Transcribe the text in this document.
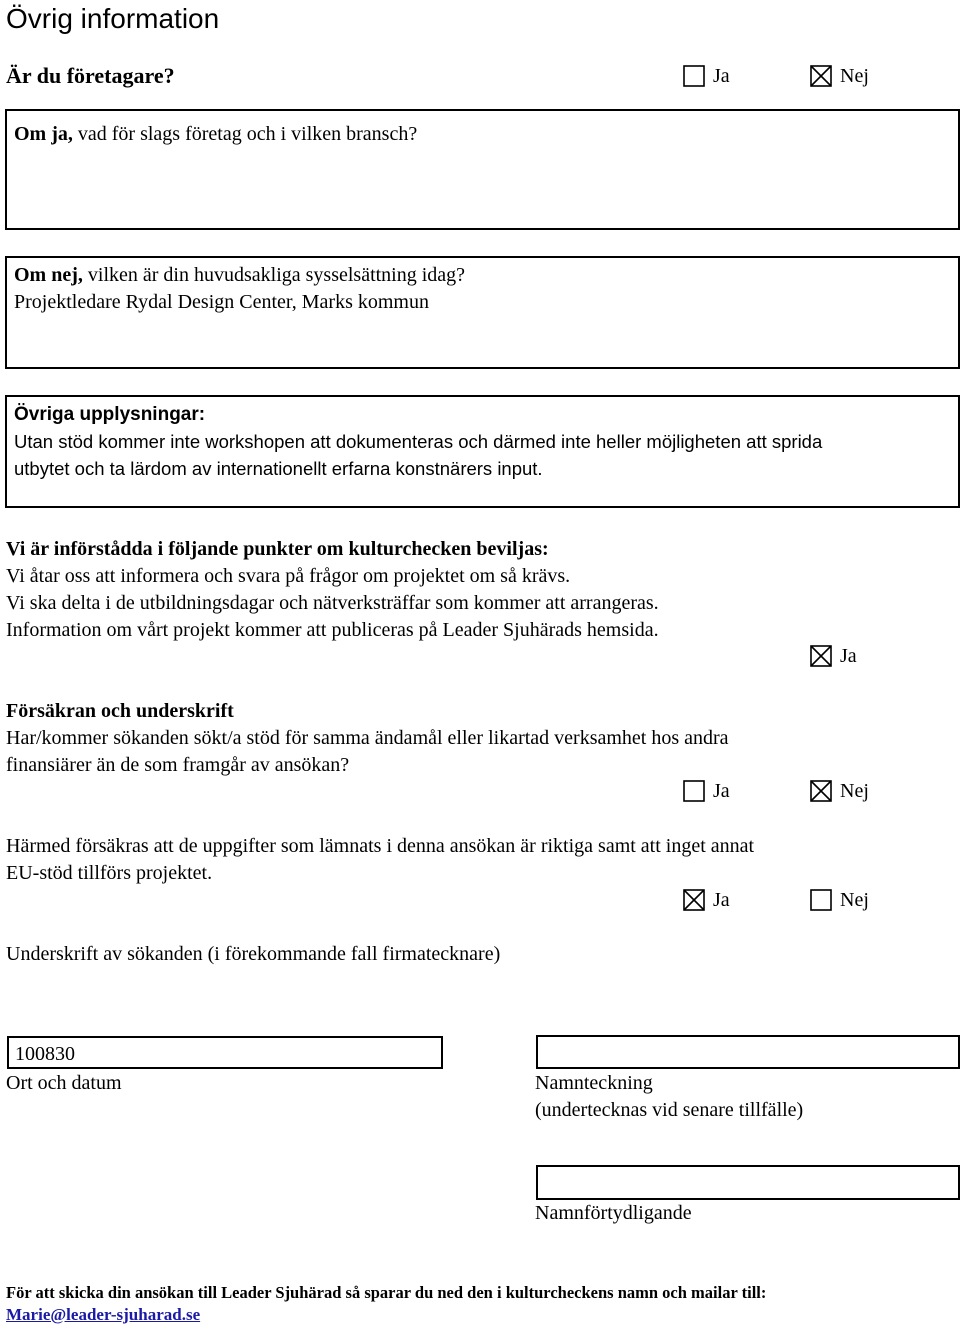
Övrig information
Är du företagare?	Ja	Nej
Om ja, vad för slags företag och i vilken bransch?
Om nej, vilken är din huvudsakliga sysselsättning idag?
Projektledare Rydal Design Center, Marks kommun
Övriga upplysningar:
Utan stöd kommer inte workshopen att dokumenteras och därmed inte heller möjligheten att sprida
utbytet och ta lärdom av internationellt erfarna konstnärers input.
Vi är införstådda i följande punkter om kulturchecken beviljas:
Vi åtar oss att informera och svara på frågor om projektet om så krävs.
Vi ska delta i de utbildningsdagar och nätverksträffar som kommer att arrangeras.
Information om vårt projekt kommer att publiceras på Leader Sjuhärads hemsida.
Ja
Försäkran och underskrift
Har/kommer sökanden sökt/a stöd för samma ändamål eller likartad verksamhet hos andra
finansiärer än de som framgår av ansökan?
Ja	Nej
Härmed försäkras att de uppgifter som lämnats i denna ansökan är riktiga samt att inget annat
EU-stöd tillförs projektet.
Ja	Nej
Underskrift av sökanden (i förekommande fall firmatecknare)
100830
Ort och datum	Namnteckning
(undertecknas vid senare tillfälle)
Namnförtydligande
För att skicka din ansökan till Leader Sjuhärad så sparar du ned den i kulturcheckens namn och mailar till:
Marie@leader-sjuharad.se
